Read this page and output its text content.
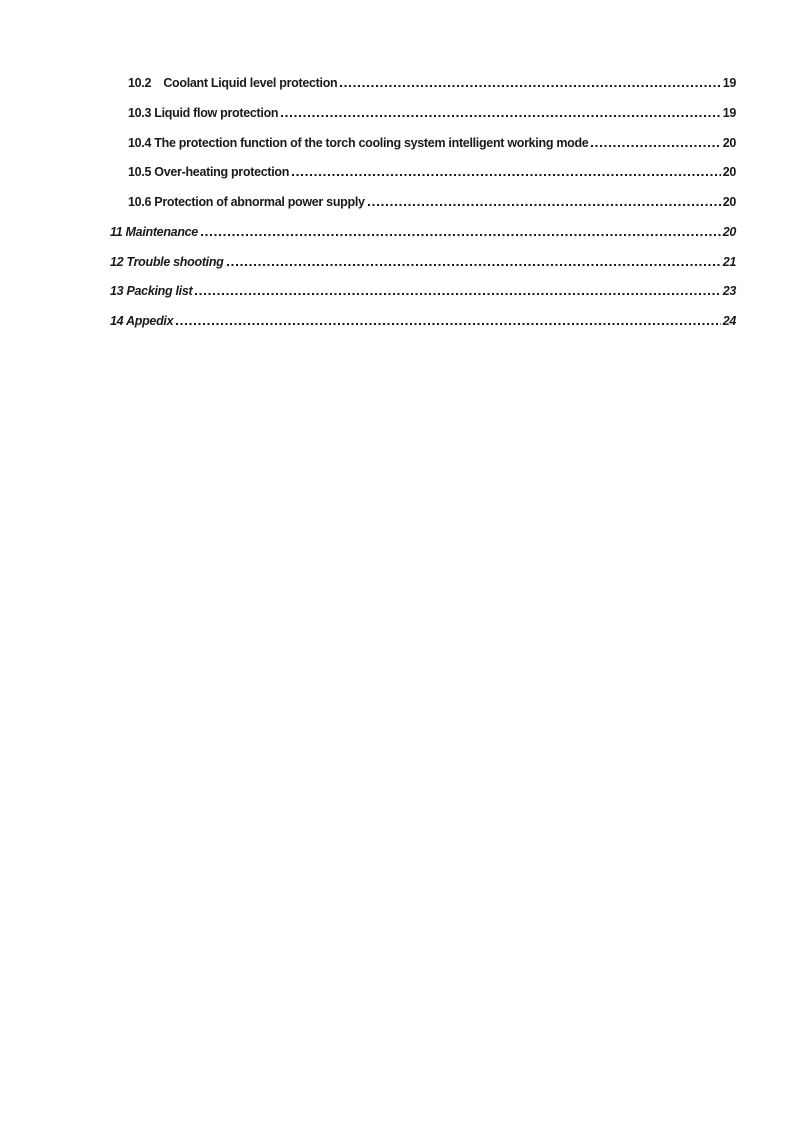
10.2 Coolant Liquid level protection	19
10.3 Liquid flow protection	19
10.4 The protection function of the torch cooling system intelligent working mode	20
10.5 Over-heating protection	20
10.6 Protection of abnormal power supply	20
11 Maintenance	20
12 Trouble shooting	21
13 Packing list	23
14 Appedix	24
